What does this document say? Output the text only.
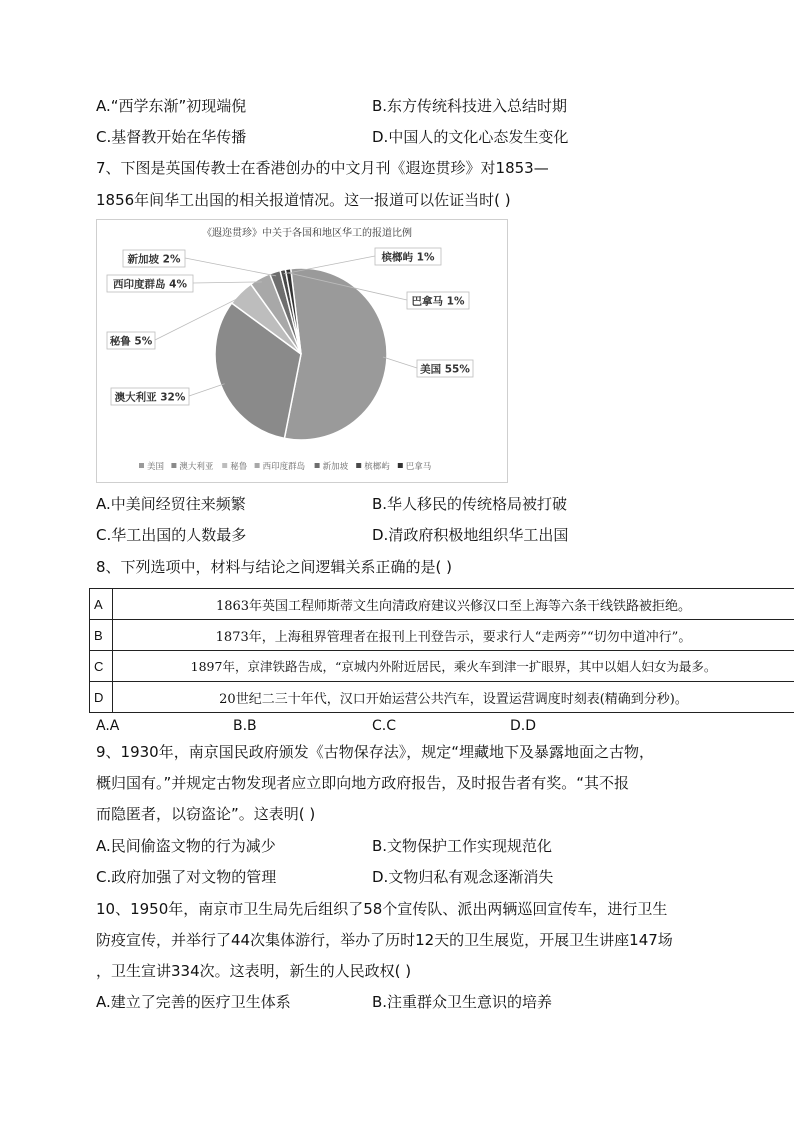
A.“西学东渐”初现端倪	B.东方传统科技进入总结时期
C.基督教开始在华传播	D.中国人的文化心态发生变化
7、下图是英国传教士在香港创办的中文月刊《遐迩贯珍》对1853—
1856年间华工出国的相关报道情况。这一报道可以佐证当时( )
《遐迩贯珍》中关于各国和地区华工的报道比例
美国 55%
澳大利亚 32%
秘鲁 5%
西印度群岛 4%
新加坡 2%	槟榔屿 1%
巴拿马 1%
美国 澳大利亚 秘鲁 西印度群岛 新加坡 槟榔屿 巴拿马
A.中美间经贸往来频繁	B.华人移民的传统格局被打破
C.华工出国的人数最多	D.清政府积极地组织华工出国
8、下列选项中，材料与结论之间逻辑关系正确的是( )
A	1863年英国工程师斯蒂文生向清政府建议兴修汉口至上海等六条干线铁路被拒绝。
B	1873年，上海租界管理者在报刊上刊登告示，要求行人“走两旁”“切勿中道冲行”。
C	1897年，京津铁路告成，“京城内外附近居民，乘火车到津一扩眼界，其中以娼人妇女为最多。
D	20世纪二三十年代，汉口开始运营公共汽车，设置运营调度时刻表(精确到分秒)。
A.A	B.B	C.C	D.D
9、1930年，南京国民政府颁发《古物保存法》，规定“埋藏地下及暴露地面之古物，
概归国有。”并规定古物发现者应立即向地方政府报告，及时报告者有奖。“其不报
而隐匿者，以窃盗论”。这表明( )
A.民间偷盗文物的行为减少	B.文物保护工作实现规范化
C.政府加强了对文物的管理	D.文物归私有观念逐渐消失
10、1950年，南京市卫生局先后组织了58个宣传队、派出两辆巡回宣传车，进行卫生
防疫宣传，并举行了44次集体游行，举办了历时12天的卫生展览，开展卫生讲座147场
，卫生宣讲334次。这表明，新生的人民政权( )
A.建立了完善的医疗卫生体系	B.注重群众卫生意识的培养
